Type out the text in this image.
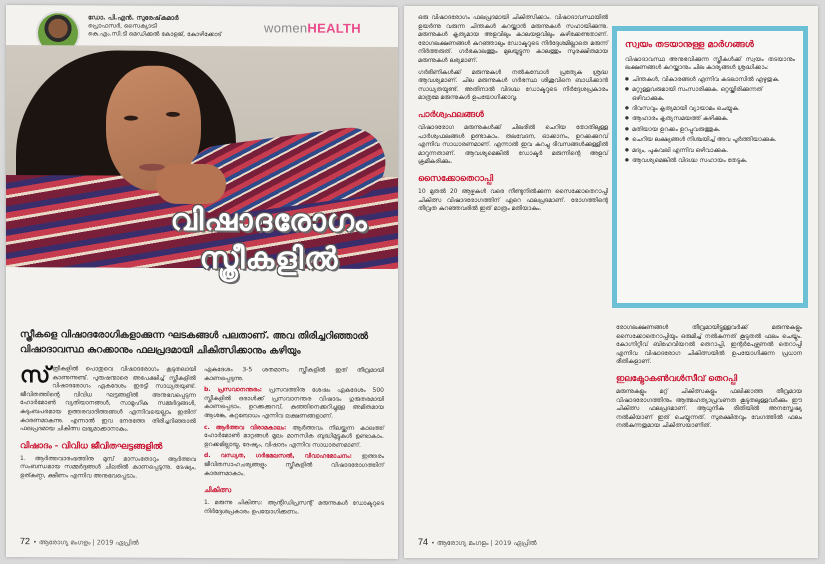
ഡോ. പി.എൻ. സുരേഷ്‌കുമാർ
പ്രൊഫസർ, സൈക്യാട്രി
കെ.എം.സി.ടി മെഡിക്കൽ കോളജ്, കോഴിക്കോട്	womenHEALTH
വിഷാദരോഗം
സ്ത്രീകളിൽ
സ്ത്രീകളെ വിഷാദരോഗികളാക്കുന്ന ഘടകങ്ങൾ പലതാണ്. അവ തിരിച്ചറിഞ്ഞാൽ വിഷാദാവസ്ഥ കുറക്കാനും ഫലപ്രദമായി ചികിത്സിക്കാനും കഴിയും
സ് ത്രീകളിൽ പൊതുവെ വിഷാദരോഗം കൂടുതലായി കാണുന്നുണ്ട്. പുരുഷന്മാരെ അപേക്ഷിച്ച് സ്ത്രീകളിൽ വിഷാദരോഗം ഏകദേശം ഇരട്ടി സാധ്യതയുണ്ട്. ജീവിതത്തിന്റെ വിവിധ ഘട്ടങ്ങളിൽ അനുഭവപ്പെടുന്ന ഹോർമോൺ വ്യതിയാനങ്ങൾ, സാമൂഹിക സമ്മർദ്ദങ്ങൾ, കുടുംബപരമായ ഉത്തരവാദിത്തങ്ങൾ എന്നിവയെല്ലാം ഇതിന് കാരണമാകുന്നു. എന്നാൽ ഇവ നേരത്തേ തിരിച്ചറിഞ്ഞാൽ ഫലപ്രദമായ ചികിത്സ ലഭ്യമാക്കാനാകും.
വിഷാദം - വിവിധ ജീവിതഘട്ടങ്ങളിൽ
1. ആർത്തവാരംഭത്തിനു മുമ്പ് മാസംതോറും ആർത്തവ സംബന്ധമായ സമ്മർദ്ദങ്ങൾ ചിലരിൽ കാണപ്പെടുന്നു. ദേഷ്യം, ഉത്കണ്ഠ, ക്ഷീണം എന്നിവ അനുഭവപ്പെടാം.
ഏകദേശം 3-5 ശതമാനം സ്ത്രീകളിൽ ഇത് തീവ്രമായി കാണപ്പെടുന്നു.
b. പ്രസവാനന്തരം: പ്രസവത്തിനു ശേഷം ഏകദേശം 500 സ്ത്രീകളിൽ ഒരാൾക്ക് പ്രസവാനന്തര വിഷാദം ഗുരുതരമായി കാണപ്പെടാം. ഉറക്കക്കുറവ്, കുഞ്ഞിനെക്കുറിച്ചുള്ള അമിതമായ ആശങ്ക, കുറ്റബോധം എന്നിവ ലക്ഷണങ്ങളാണ്.
c. ആർത്തവ വിരാമകാലം: ആർത്തവം നിലയ്ക്കുന്ന കാലത്ത് ഹോർമോൺ മാറ്റങ്ങൾ മൂലം മാനസിക ബുദ്ധിമുട്ടുകൾ ഉണ്ടാകാം. ഉറക്കമില്ലായ്മ, ദേഷ്യം, വിഷാദം എന്നിവ സാധാരണമാണ്.
d. വന്ധ്യത, ഗർഭമലസൽ, വിവാഹമോചനം: ഇത്തരം ജീവിതസാഹചര്യങ്ങളും സ്ത്രീകളിൽ വിഷാദരോഗത്തിന് കാരണമാകാം.
ചികിത്സ
1. മരുന്നു ചികിത്സ: ആന്റിഡിപ്രസന്റ് മരുന്നുകൾ ഡോക്ടറുടെ നിർദ്ദേശപ്രകാരം ഉപയോഗിക്കണം.
72 • ആരോഗ്യ മംഗളം | 2019 ഏപ്രിൽ
ഒരു വിഷാദരോഗം ഫലപ്രദമായി ചികിത്സിക്കാം. വിഷാദാവസ്ഥയിൽ ഉയർന്നു വരുന്ന ചിന്തകൾ കുറയ്ക്കാൻ മരുന്നുകൾ സഹായിക്കുന്നു. മരുന്നുകൾ കൃത്യമായ അളവിലും കാലയളവിലും കഴിക്കേണ്ടതാണ്. രോഗലക്ഷണങ്ങൾ കുറഞ്ഞാലും ഡോക്ടറുടെ നിർദ്ദേശമില്ലാതെ മരുന്ന് നിർത്തരുത്. ഗർഭകാലത്തും മുലയൂട്ടുന്ന കാലത്തും സുരക്ഷിതമായ മരുന്നുകൾ ലഭ്യമാണ്.
ഗർഭിണികൾക്ക് മരുന്നുകൾ നൽകുമ്പോൾ പ്രത്യേക ശ്രദ്ധ ആവശ്യമാണ്. ചില മരുന്നുകൾ ഗർഭസ്ഥ ശിശുവിനെ ബാധിക്കാൻ സാധ്യതയുണ്ട്. അതിനാൽ വിദഗ്ദ്ധ ഡോക്ടറുടെ നിർദ്ദേശപ്രകാരം മാത്രമേ മരുന്നുകൾ ഉപയോഗിക്കാവൂ.
പാർശ്വഫലങ്ങൾ
വിഷാദരോഗ മരുന്നുകൾക്ക് ചിലരിൽ ചെറിയ തോതിലുള്ള പാർശ്വഫലങ്ങൾ ഉണ്ടാകാം. തലവേദന, ഓക്കാനം, ഉറക്കക്കുറവ് എന്നിവ സാധാരണമാണ്. എന്നാൽ ഇവ കുറച്ചു ദിവസങ്ങൾക്കുള്ളിൽ മാറുന്നതാണ്. ആവശ്യമെങ്കിൽ ഡോക്ടർ മരുന്നിന്റെ അളവ് ക്രമീകരിക്കും.
സൈക്കോതെറാപ്പി
10 മുതൽ 20 ആഴ്ചകൾ വരെ നീണ്ടുനിൽക്കുന്ന സൈക്കോതെറാപ്പി ചികിത്സ വിഷാദരോഗത്തിന് ഏറെ ഫലപ്രദമാണ്. രോഗത്തിന്റെ തീവ്രത കുറഞ്ഞവരിൽ ഇത് മാത്രം മതിയാകും.
സ്വയം തടയാനുള്ള മാർഗങ്ങൾ
വിഷാദാവസ്ഥ അനുഭവിക്കുന്ന സ്ത്രീകൾക്ക് സ്വയം തടയാനും ലക്ഷണങ്ങൾ കുറയ്ക്കാനും ചില കാര്യങ്ങൾ ശ്രദ്ധിക്കാം:
● ചിന്തകൾ, വികാരങ്ങൾ എന്നിവ കടലാസിൽ എഴുതുക.
● മറ്റുള്ളവരുമായി സംസാരിക്കുക. ഒറ്റയ്ക്കിരിക്കുന്നത് ഒഴിവാക്കുക.
● ദിവസവും കൃത്യമായി വ്യായാമം ചെയ്യുക.
● ആഹാരം കൃത്യസമയത്ത് കഴിക്കുക.
● മതിയായ ഉറക്കം ഉറപ്പുവരുത്തുക.
● ചെറിയ ലക്ഷ്യങ്ങൾ നിശ്ചയിച്ച് അവ പൂർത്തിയാക്കുക.
● മദ്യം, പുകവലി എന്നിവ ഒഴിവാക്കുക.
● ആവശ്യമെങ്കിൽ വിദഗ്ദ്ധ സഹായം തേടുക.
രോഗലക്ഷണങ്ങൾ തീവ്രമായിട്ടുള്ളവർക്ക് മരുന്നുകളും സൈക്കോതെറാപ്പിയും ഒരുമിച്ച് നൽകുന്നത് കൂടുതൽ ഫലം ചെയ്യും. കോഗ്നിറ്റീവ് ബിഹേവിയറൽ തെറാപ്പി, ഇന്റർപേഴ്സണൽ തെറാപ്പി എന്നിവ വിഷാദരോഗ ചികിത്സയിൽ ഉപയോഗിക്കുന്ന പ്രധാന രീതികളാണ്.
ഇലക്ട്രോകൺവൾസീവ് തെറപ്പി
മരുന്നുകളും മറ്റ് ചികിത്സകളും ഫലിക്കാത്ത തീവ്രമായ വിഷാദരോഗത്തിനും ആത്മഹത്യാപ്രവണത കൂടുതലുള്ളവർക്കും ഈ ചികിത്സ ഫലപ്രദമാണ്. ആധുനിക രീതിയിൽ അനസ്തേഷ്യ നൽകിയാണ് ഇത് ചെയ്യുന്നത്. സുരക്ഷിതവും വേഗത്തിൽ ഫലം നൽകുന്നതുമായ ചികിത്സയാണിത്.
74 • ആരോഗ്യ മംഗളം | 2019 ഏപ്രിൽ
